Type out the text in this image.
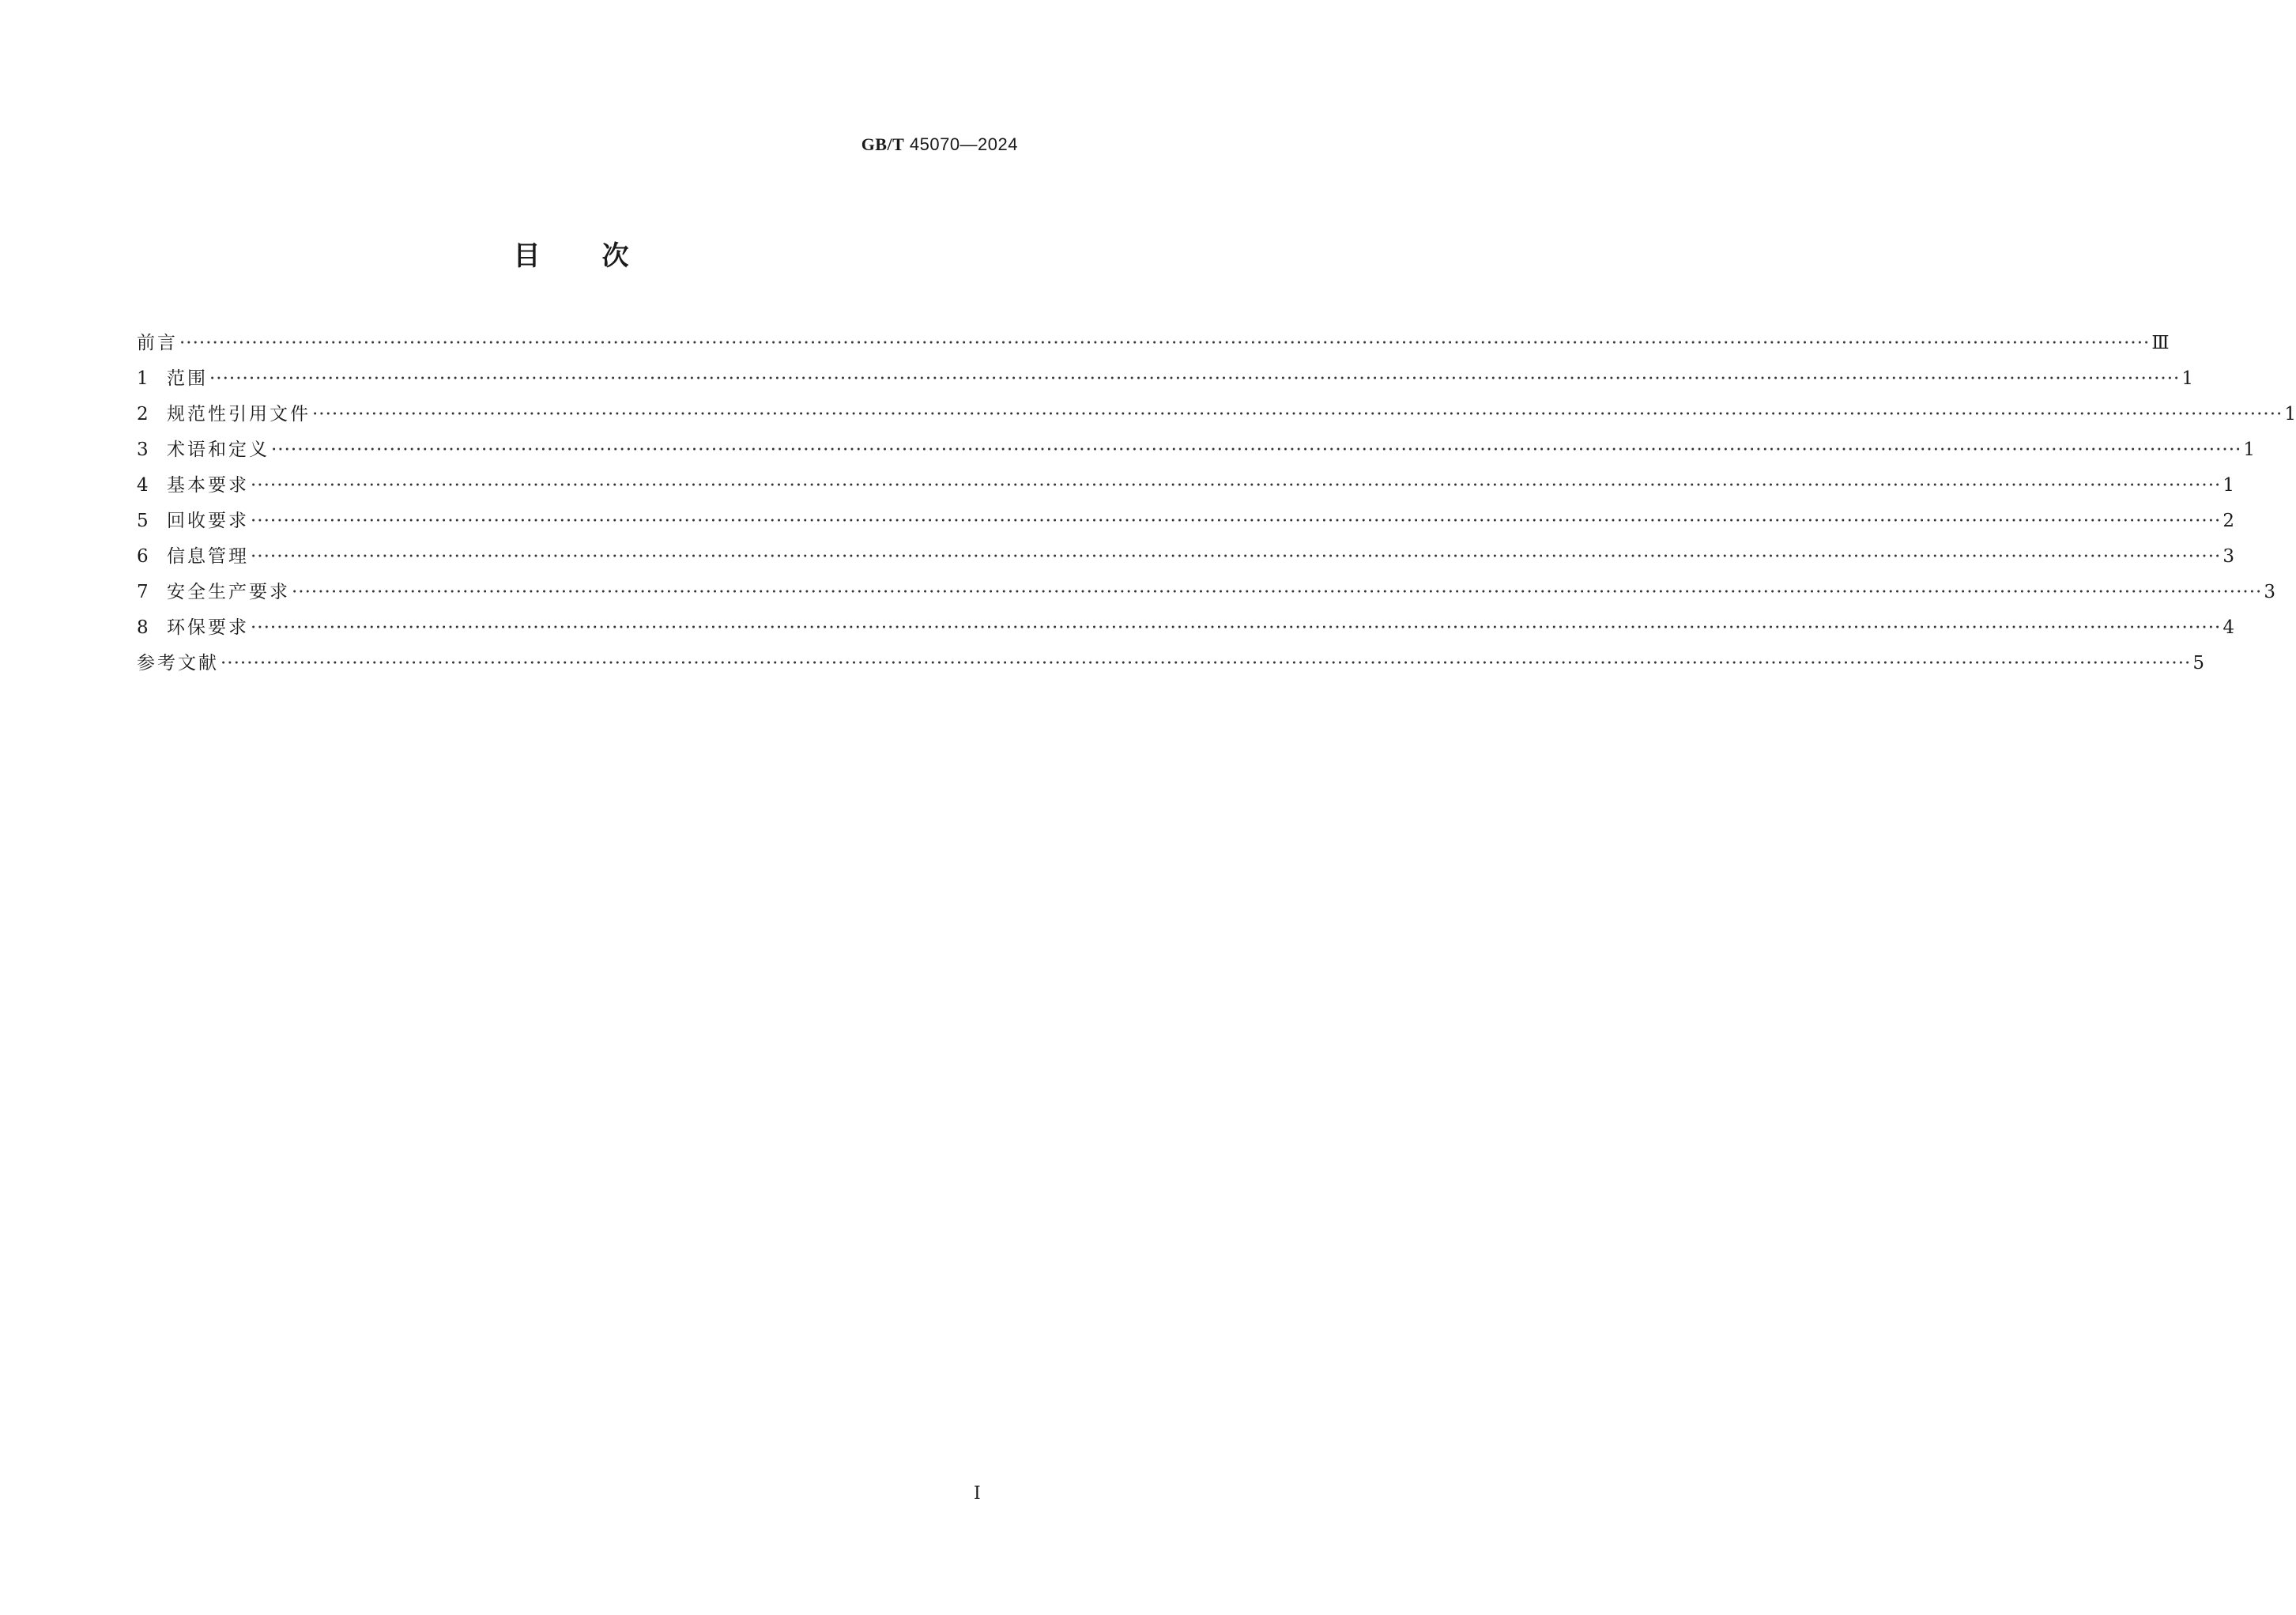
GB/T 45070—2024
目次
前言 ············································································································································································································································································································ Ⅲ
1	范围 ············································································································································································································································································································ 1
2	规范性引用文件 ············································································································································································································································································································ 1
3	术语和定义 ············································································································································································································································································································ 1
4	基本要求 ············································································································································································································································································································ 1
5	回收要求 ············································································································································································································································································································ 2
6	信息管理 ············································································································································································································································································································ 3
7	安全生产要求 ············································································································································································································································································································ 3
8	环保要求 ············································································································································································································································································································ 4
参考文献 ············································································································································································································································································································ 5
Ⅰ
